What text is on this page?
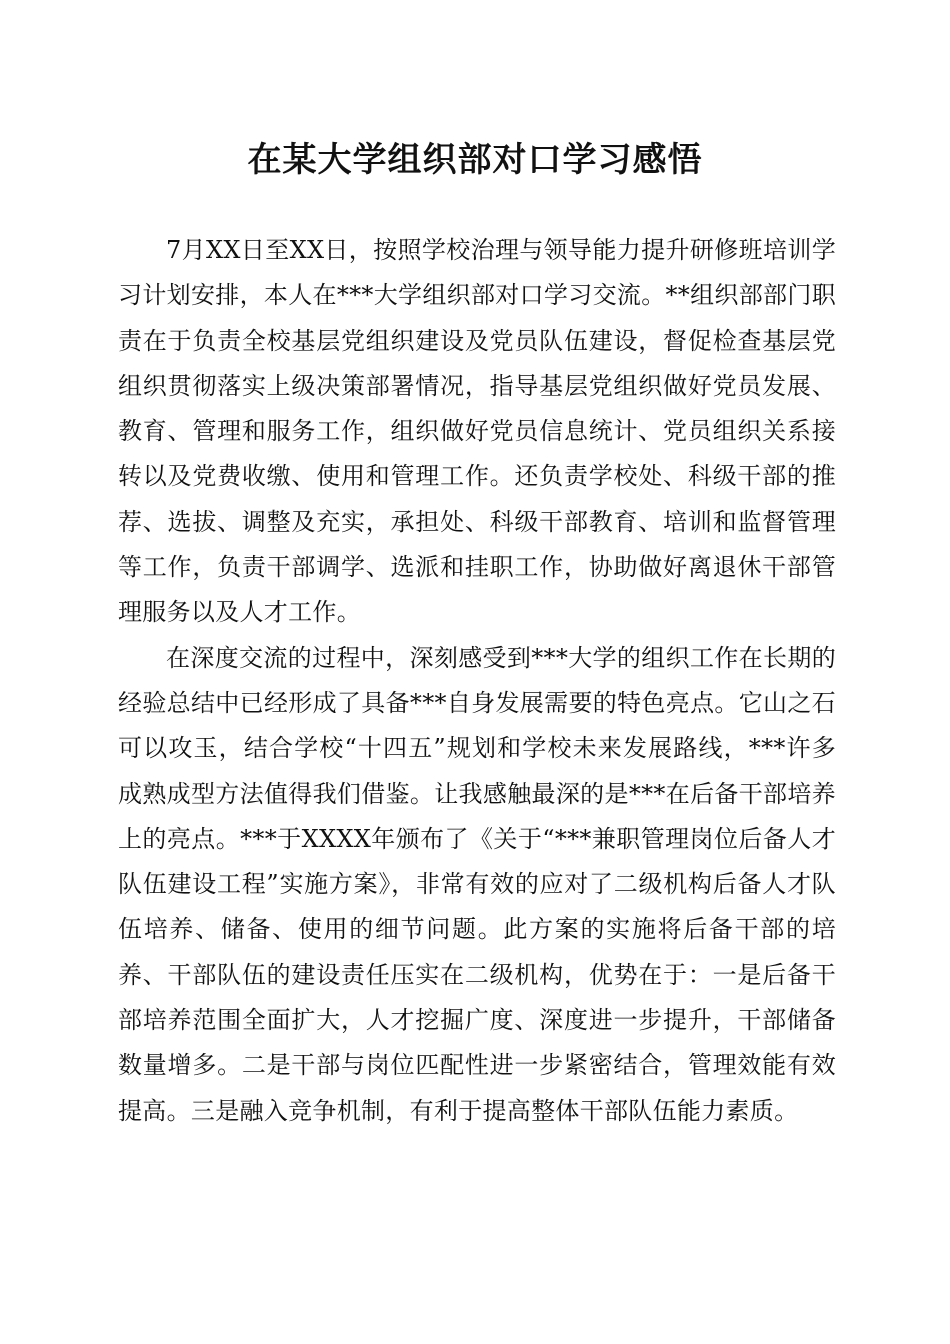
在某大学组织部对口学习感悟

7月XX日至XX日，按照学校治理与领导能力提升研修班培训学习计划安排，本人在***大学组织部对口学习交流。**组织部部门职责在于负责全校基层党组织建设及党员队伍建设，督促检查基层党组织贯彻落实上级决策部署情况，指导基层党组织做好党员发展、教育、管理和服务工作，组织做好党员信息统计、党员组织关系接转以及党费收缴、使用和管理工作。还负责学校处、科级干部的推荐、选拔、调整及充实，承担处、科级干部教育、培训和监督管理等工作，负责干部调学、选派和挂职工作，协助做好离退休干部管理服务以及人才工作。

在深度交流的过程中，深刻感受到***大学的组织工作在长期的经验总结中已经形成了具备***自身发展需要的特色亮点。它山之石可以攻玉，结合学校“十四五”规划和学校未来发展路线，***许多成熟成型方法值得我们借鉴。让我感触最深的是***在后备干部培养上的亮点。***于XXXX年颁布了《关于“***兼职管理岗位后备人才队伍建设工程”实施方案》，非常有效的应对了二级机构后备人才队伍培养、储备、使用的细节问题。此方案的实施将后备干部的培养、干部队伍的建设责任压实在二级机构，优势在于：一是后备干部培养范围全面扩大，人才挖掘广度、深度进一步提升，干部储备数量增多。二是干部与岗位匹配性进一步紧密结合，管理效能有效提高。三是融入竞争机制，有利于提高整体干部队伍能力素质。
